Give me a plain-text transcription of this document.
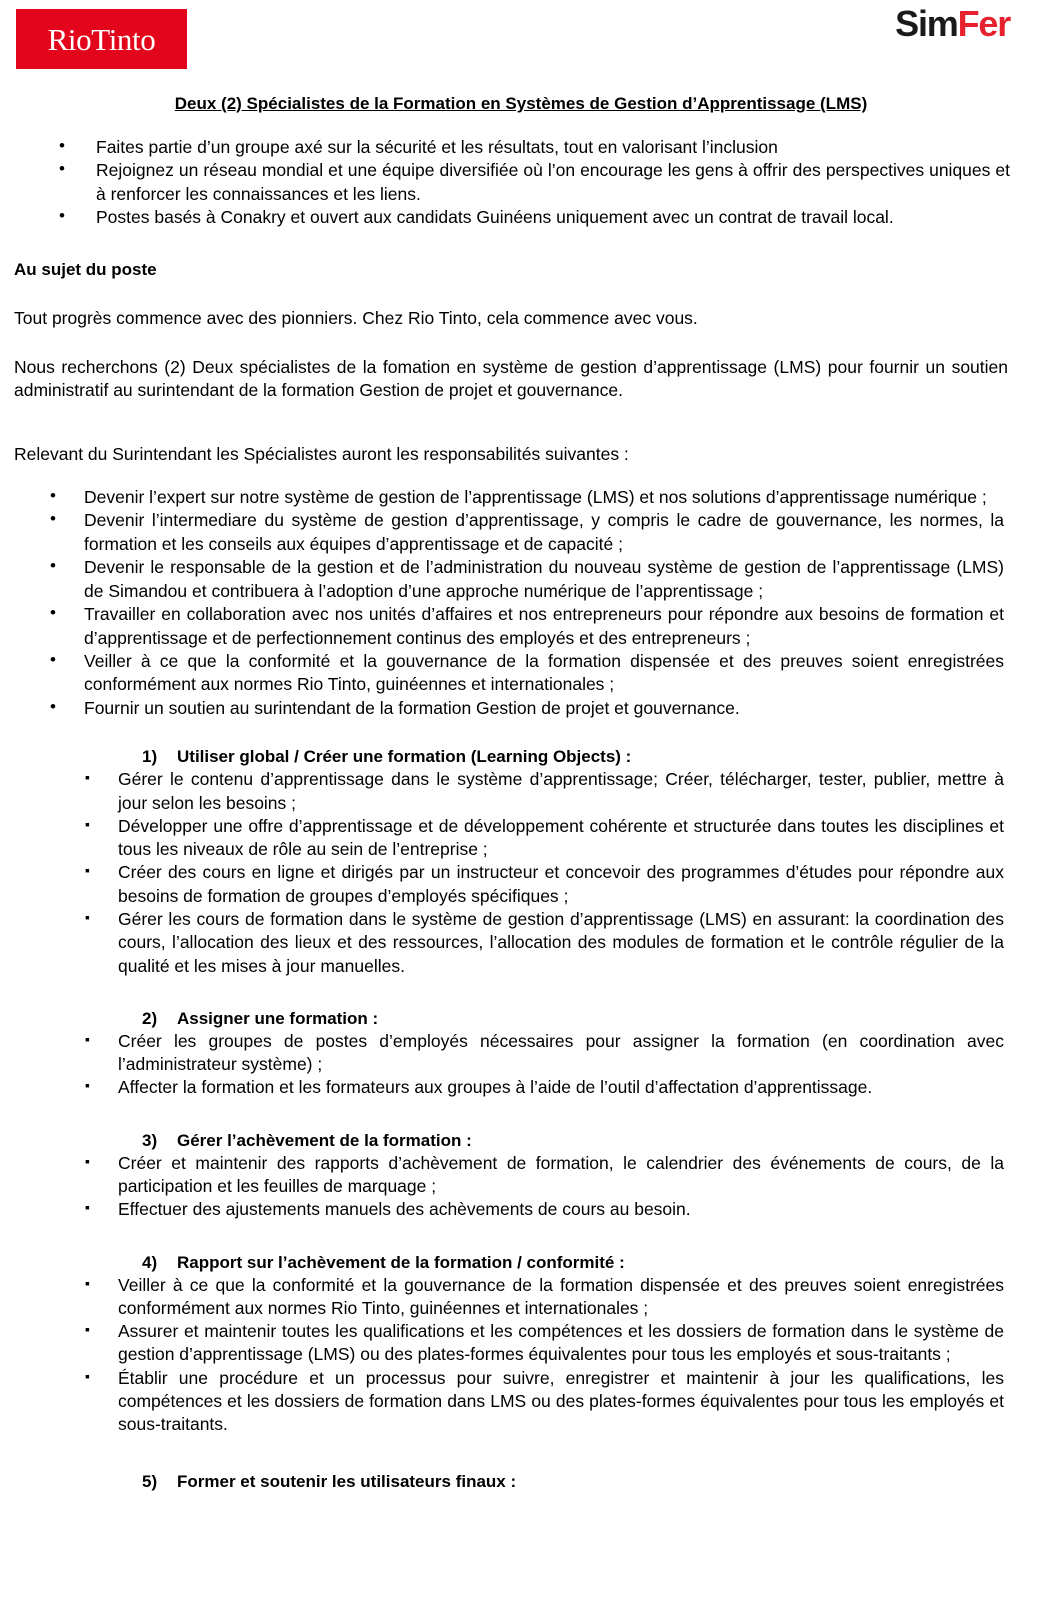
RioTinto	SimFer
Deux (2) Spécialistes de la Formation en Systèmes de Gestion d’Apprentissage (LMS)
• Faites partie d’un groupe axé sur la sécurité et les résultats, tout en valorisant l’inclusion
• Rejoignez un réseau mondial et une équipe diversifiée où l’on encourage les gens à offrir des perspectives uniques et à renforcer les connaissances et les liens.
• Postes basés à Conakry et ouvert aux candidats Guinéens uniquement avec un contrat de travail local.

Au sujet du poste

Tout progrès commence avec des pionniers. Chez Rio Tinto, cela commence avec vous.

Nous recherchons (2) Deux spécialistes de la fomation en système de gestion d’apprentissage (LMS) pour fournir un soutien administratif au surintendant de la formation Gestion de projet et gouvernance.

Relevant du Surintendant les Spécialistes auront les responsabilités suivantes :

• Devenir l’expert sur notre système de gestion de l’apprentissage (LMS) et nos solutions d’apprentissage numérique ;
• Devenir l’intermediare du système de gestion d’apprentissage, y compris le cadre de gouvernance, les normes, la formation et les conseils aux équipes d’apprentissage et de capacité ;
• Devenir le responsable de la gestion et de l’administration du nouveau système de gestion de l’apprentissage (LMS) de Simandou et contribuera à l’adoption d’une approche numérique de l’apprentissage ;
• Travailler en collaboration avec nos unités d’affaires et nos entrepreneurs pour répondre aux besoins de formation et d’apprentissage et de perfectionnement continus des employés et des entrepreneurs ;
• Veiller à ce que la conformité et la gouvernance de la formation dispensée et des preuves soient enregistrées conformément aux normes Rio Tinto, guinéennes et internationales ;
• Fournir un soutien au surintendant de la formation Gestion de projet et gouvernance.
1) Utiliser global / Créer une formation (Learning Objects) :
▪ Gérer le contenu d’apprentissage dans le système d’apprentissage; Créer, télécharger, tester, publier, mettre à jour selon les besoins ;
▪ Développer une offre d’apprentissage et de développement cohérente et structurée dans toutes les disciplines et tous les niveaux de rôle au sein de l’entreprise ;
▪ Créer des cours en ligne et dirigés par un instructeur et concevoir des programmes d’études pour répondre aux besoins de formation de groupes d’employés spécifiques ;
▪ Gérer les cours de formation dans le système de gestion d’apprentissage (LMS) en assurant: la coordination des cours, l’allocation des lieux et des ressources, l’allocation des modules de formation et le contrôle régulier de la qualité et les mises à jour manuelles.
2) Assigner une formation :
▪ Créer les groupes de postes d’employés nécessaires pour assigner la formation (en coordination avec l’administrateur système) ;
▪ Affecter la formation et les formateurs aux groupes à l’aide de l’outil d’affectation d’apprentissage.
3) Gérer l’achèvement de la formation :
▪ Créer et maintenir des rapports d’achèvement de formation, le calendrier des événements de cours, de la participation et les feuilles de marquage ;
▪ Effectuer des ajustements manuels des achèvements de cours au besoin.
4) Rapport sur l’achèvement de la formation / conformité :
▪ Veiller à ce que la conformité et la gouvernance de la formation dispensée et des preuves soient enregistrées conformément aux normes Rio Tinto, guinéennes et internationales ;
▪ Assurer et maintenir toutes les qualifications et les compétences et les dossiers de formation dans le système de gestion d’apprentissage (LMS) ou des plates-formes équivalentes pour tous les employés et sous-traitants ;
▪ Établir une procédure et un processus pour suivre, enregistrer et maintenir à jour les qualifications, les compétences et les dossiers de formation dans LMS ou des plates-formes équivalentes pour tous les employés et sous-traitants.
5) Former et soutenir les utilisateurs finaux :
